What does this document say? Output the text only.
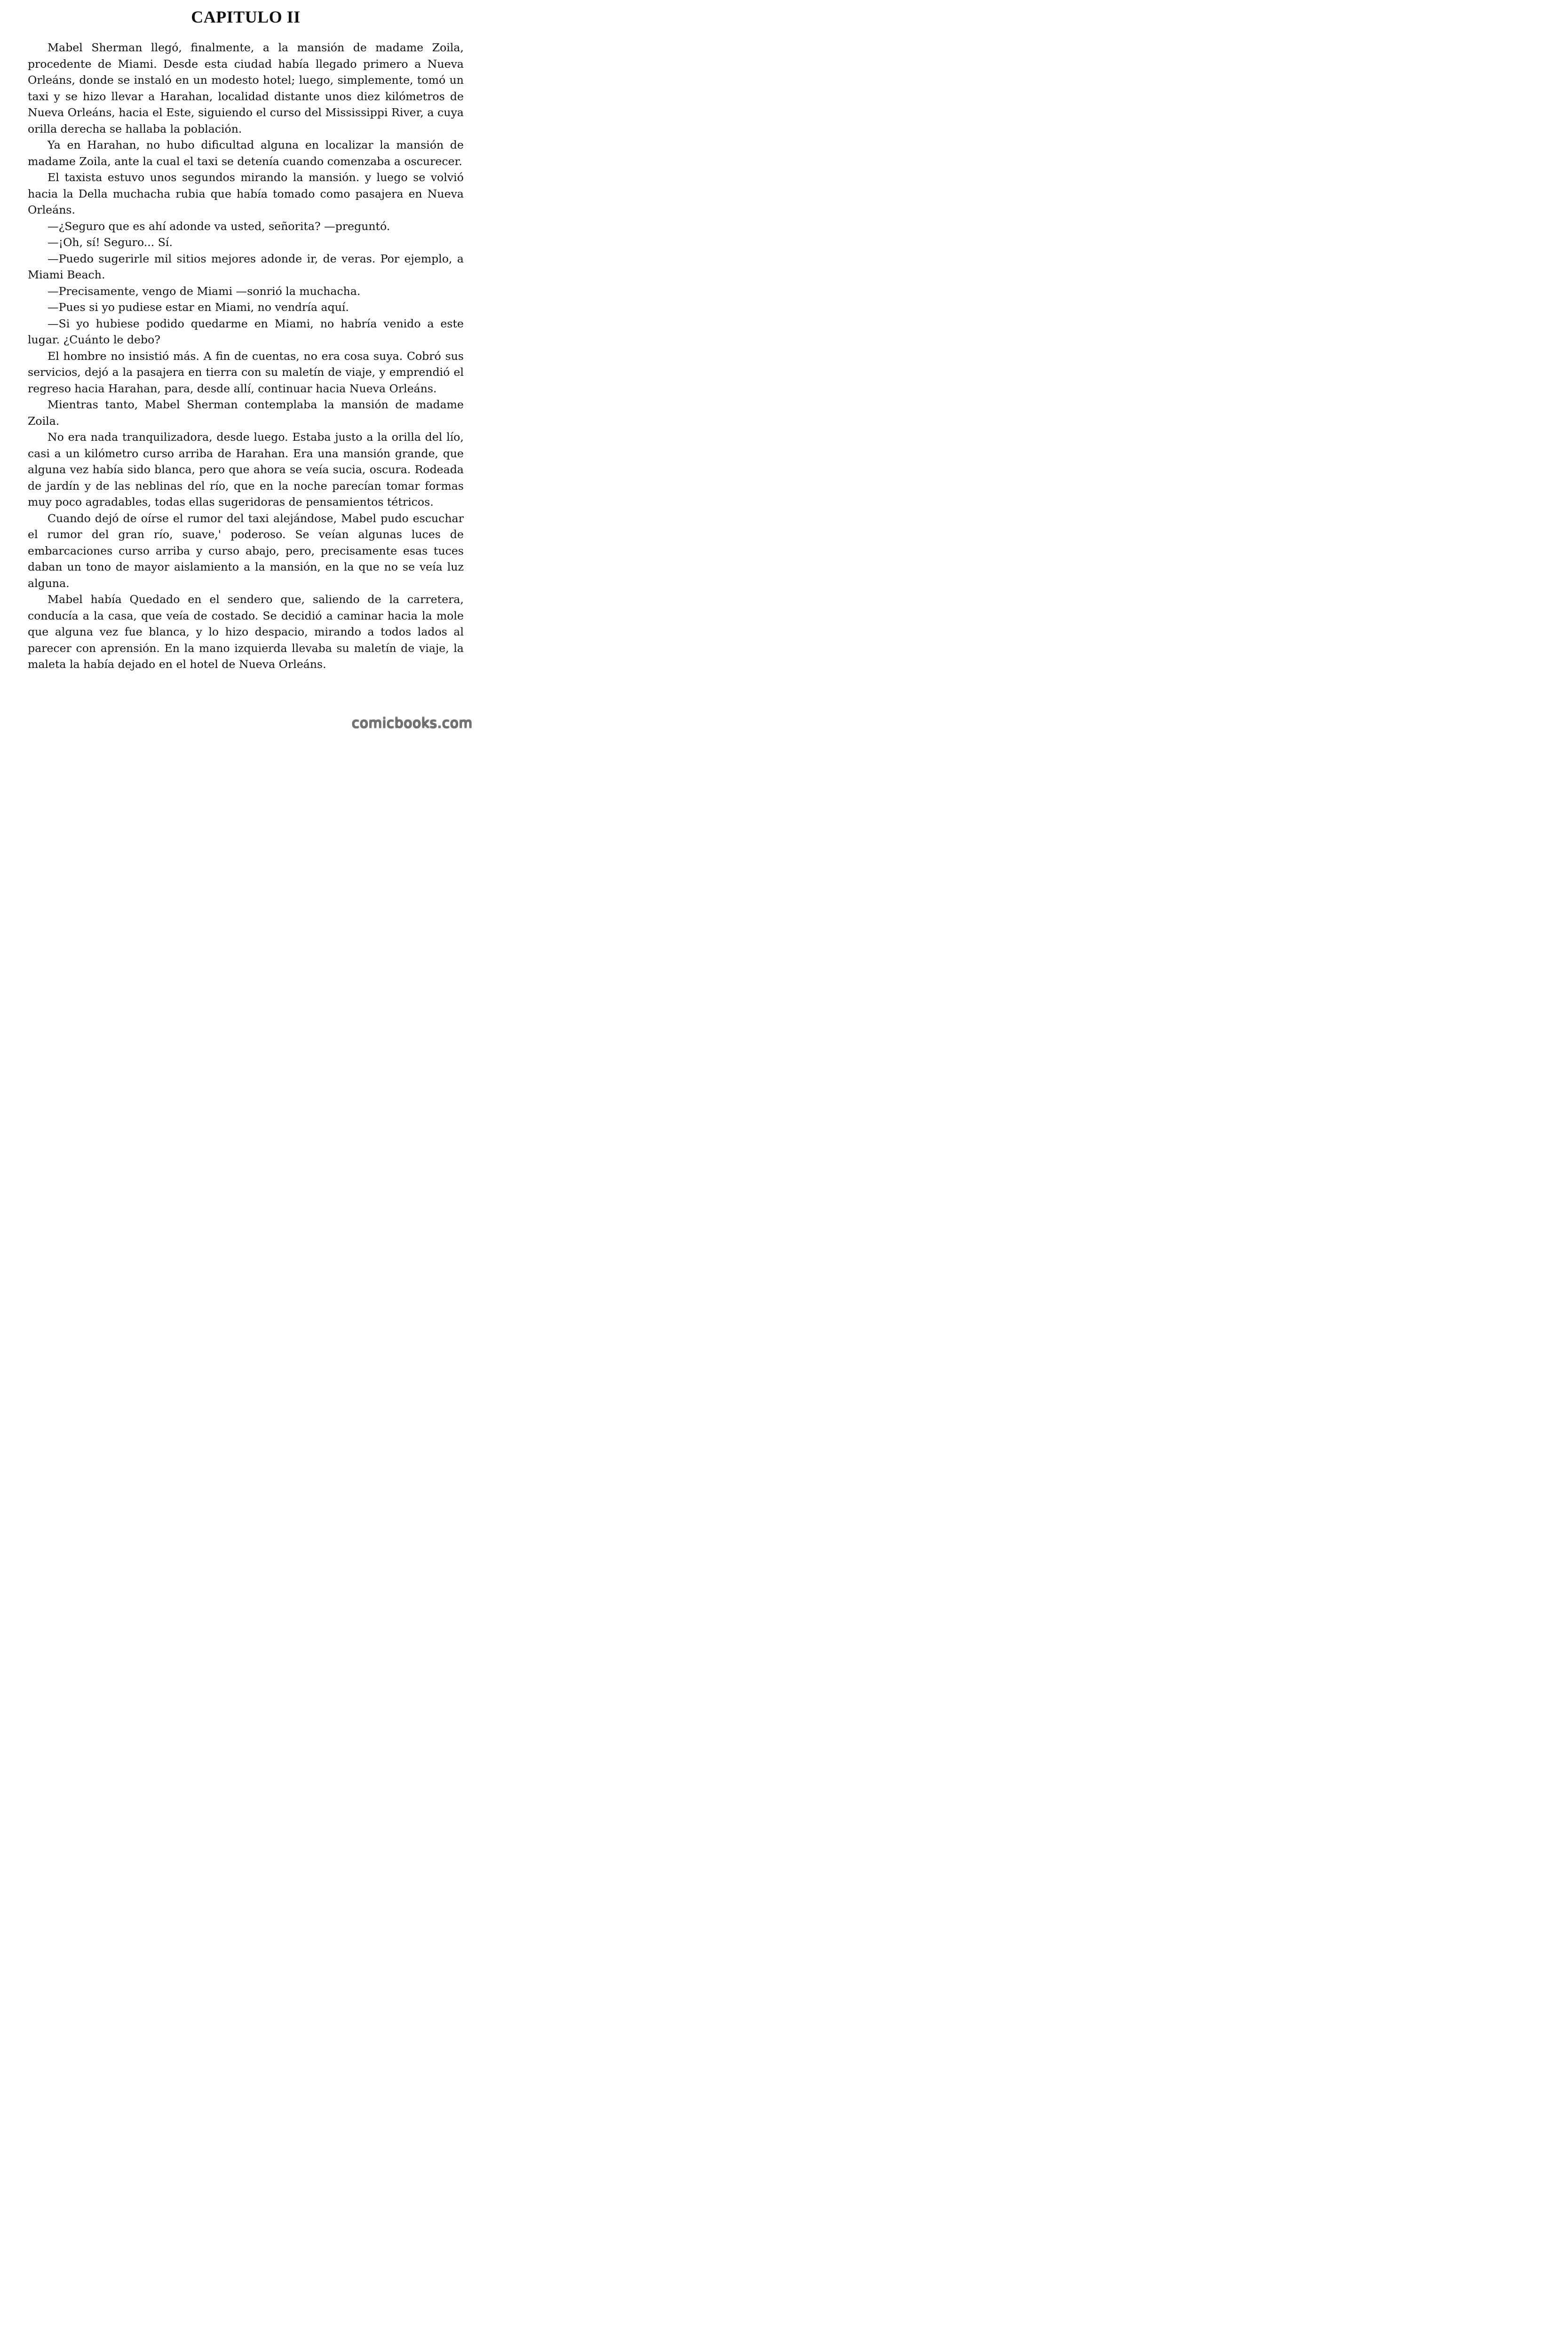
CAPITULO II

Mabel Sherman llegó, finalmente, a la mansión de madame Zoila, procedente de Miami. Desde esta ciudad había llegado primero a Nueva Orleáns, donde se instaló en un modesto hotel; luego, simplemente, tomó un taxi y se hizo llevar a Harahan, localidad distante unos diez kilómetros de Nueva Orleáns, hacia el Este, siguiendo el curso del Mississippi River, a cuya orilla derecha se hallaba la población.

Ya en Harahan, no hubo dificultad alguna en localizar la mansión de madame Zoila, ante la cual el taxi se detenía cuando comenzaba a oscurecer.

El taxista estuvo unos segundos mirando la mansión. y luego se volvió hacia la Della muchacha rubia que había tomado como pasajera en Nueva Orleáns.

—¿Seguro que es ahí adonde va usted, señorita? —preguntó.

—¡Oh, sí! Seguro... Sí.

—Puedo sugerirle mil sitios mejores adonde ir, de veras. Por ejemplo, a Miami Beach.

—Precisamente, vengo de Miami —sonrió la muchacha.

—Pues si yo pudiese estar en Miami, no vendría aquí.

—Si yo hubiese podido quedarme en Miami, no habría venido a este lugar. ¿Cuánto le debo?

El hombre no insistió más. A fin de cuentas, no era cosa suya. Cobró sus servicios, dejó a la pasajera en tierra con su maletín de viaje, y emprendió el regreso hacia Harahan, para, desde allí, continuar hacia Nueva Orleáns.

Mientras tanto, Mabel Sherman contemplaba la mansión de madame Zoila.

No era nada tranquilizadora, desde luego. Estaba justo a la orilla del lío, casi a un kilómetro curso arriba de Harahan. Era una mansión grande, que alguna vez había sido blanca, pero que ahora se veía sucia, oscura. Rodeada de jardín y de las neblinas del río, que en la noche parecían tomar formas muy poco agradables, todas ellas sugeridoras de pensamientos tétricos.

Cuando dejó de oírse el rumor del taxi alejándose, Mabel pudo escuchar el rumor del gran río, suave,' poderoso. Se veían algunas luces de embarcaciones curso arriba y curso abajo, pero, precisamente esas tuces daban un tono de mayor aislamiento a la mansión, en la que no se veía luz alguna.

Mabel había Quedado en el sendero que, saliendo de la carretera, conducía a la casa, que veía de costado. Se decidió a caminar hacia la mole que alguna vez fue blanca, y lo hizo despacio, mirando a todos lados al parecer con aprensión. En la mano izquierda llevaba su maletín de viaje, la maleta la había dejado en el hotel de Nueva Orleáns.

comicbooks.com
